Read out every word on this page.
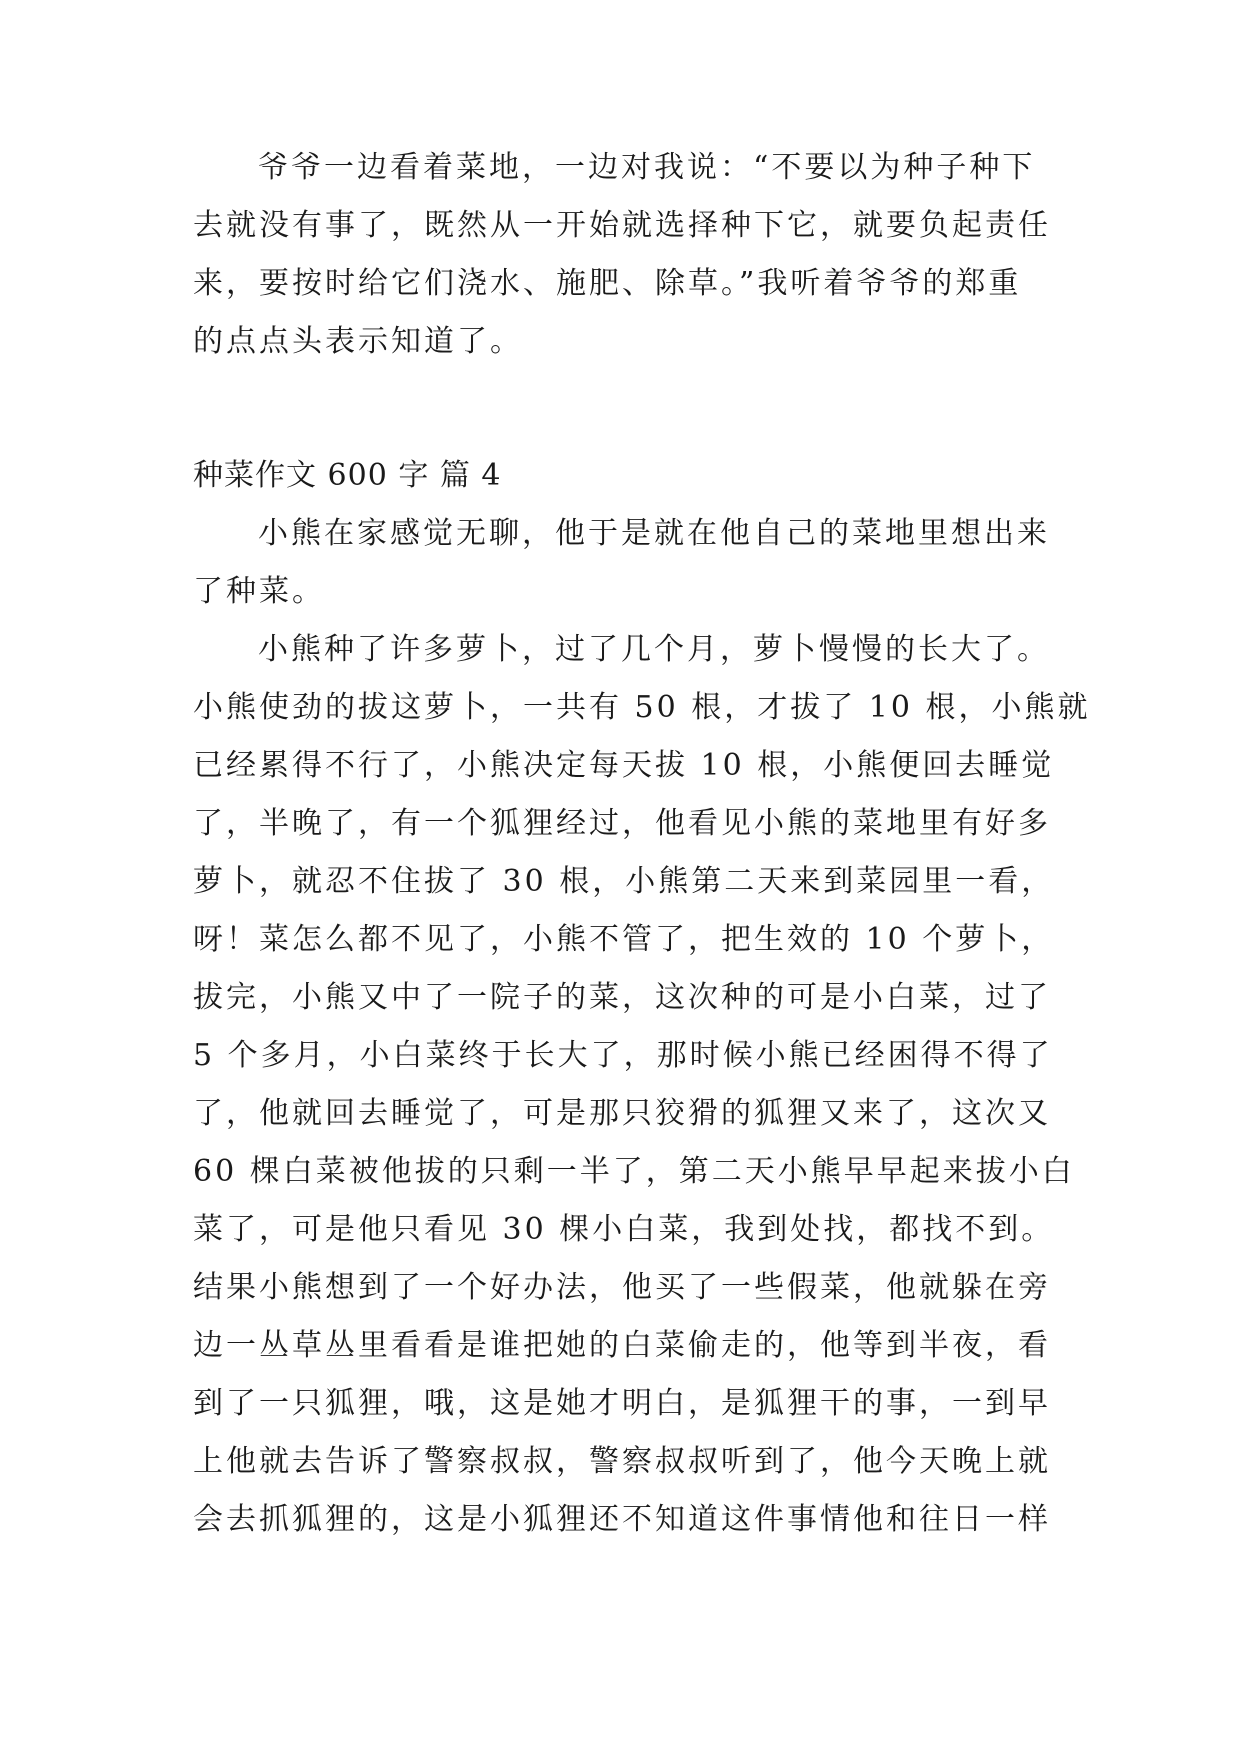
爷爷一边看着菜地，一边对我说：“不要以为种子种下
去就没有事了，既然从一开始就选择种下它，就要负起责任
来，要按时给它们浇水、施肥、除草。”我听着爷爷的郑重
的点点头表示知道了。
种菜作文 600 字 篇 4
小熊在家感觉无聊，他于是就在他自己的菜地里想出来
了种菜。
小熊种了许多萝卜，过了几个月，萝卜慢慢的长大了。
小熊使劲的拔这萝卜，一共有 50 根，才拔了 10 根，小熊就
已经累得不行了，小熊决定每天拔 10 根，小熊便回去睡觉
了，半晚了，有一个狐狸经过，他看见小熊的菜地里有好多
萝卜，就忍不住拔了 30 根，小熊第二天来到菜园里一看，
呀！菜怎么都不见了，小熊不管了，把生效的 10 个萝卜，
拔完，小熊又中了一院子的菜，这次种的可是小白菜，过了
5 个多月，小白菜终于长大了，那时候小熊已经困得不得了
了，他就回去睡觉了，可是那只狡猾的狐狸又来了，这次又
60 棵白菜被他拔的只剩一半了，第二天小熊早早起来拔小白
菜了，可是他只看见 30 棵小白菜，我到处找，都找不到。
结果小熊想到了一个好办法，他买了一些假菜，他就躲在旁
边一丛草丛里看看是谁把她的白菜偷走的，他等到半夜，看
到了一只狐狸，哦，这是她才明白，是狐狸干的事，一到早
上他就去告诉了警察叔叔，警察叔叔听到了，他今天晚上就
会去抓狐狸的，这是小狐狸还不知道这件事情他和往日一样
